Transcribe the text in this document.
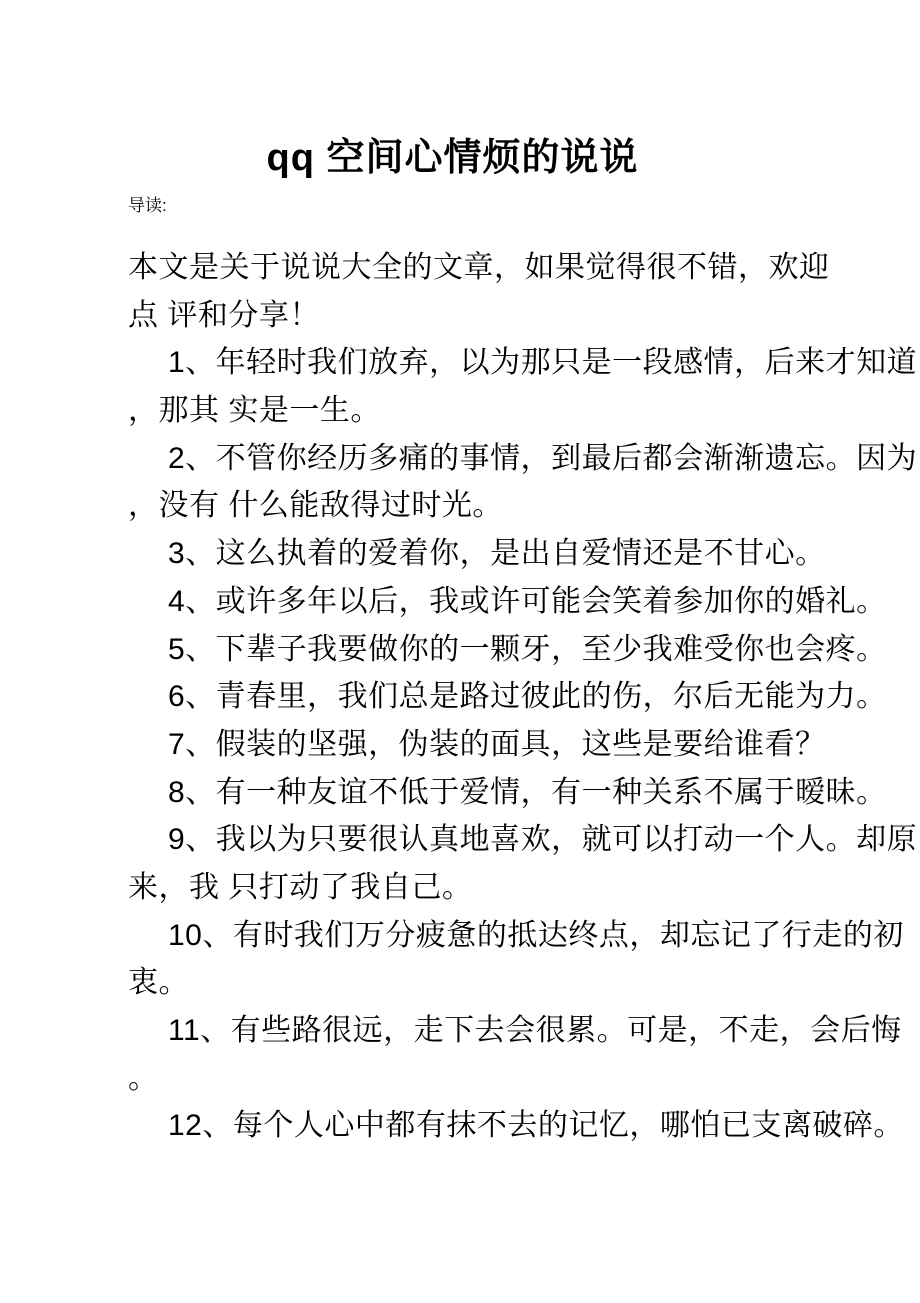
qq 空间心情烦的说说
导读:
本文是关于说说大全的文章，如果觉得很不错，欢迎
点 评和分享！
1、年轻时我们放弃，以为那只是一段感情，后来才知道
，那其 实是一生。
2、不管你经历多痛的事情，到最后都会渐渐遗忘。因为
，没有 什么能敌得过时光。
3、这么执着的爱着你，是出自爱情还是不甘心。
4、或许多年以后，我或许可能会笑着参加你的婚礼。
5、下辈子我要做你的一颗牙，至少我难受你也会疼。
6、青春里，我们总是路过彼此的伤，尔后无能为力。
7、假装的坚强，伪装的面具，这些是要给谁看？
8、有一种友谊不低于爱情，有一种关系不属于暧昧。
9、我以为只要很认真地喜欢，就可以打动一个人。却原
来，我 只打动了我自己。
10、有时我们万分疲惫的抵达终点，却忘记了行走的初
衷。
11、有些路很远，走下去会很累。可是，不走，会后悔
。
12、每个人心中都有抹不去的记忆，哪怕已支离破碎。
